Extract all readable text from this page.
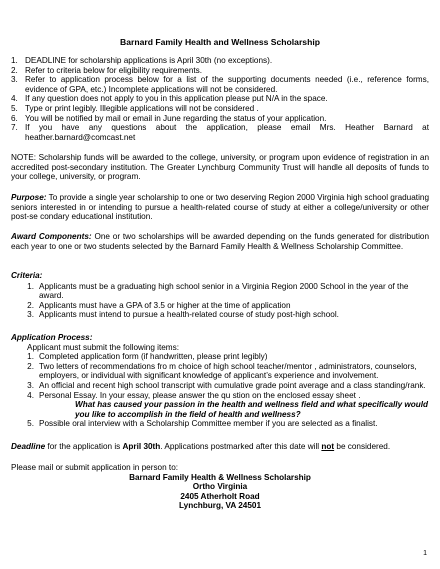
Barnard Family Health and Wellness Scholarship
1. DEADLINE for scholarship applications is April 30th (no exceptions).
2. Refer to criteria below for eligibility requirements.
3. Refer to application process below for a list of the supporting documents needed (i.e., reference forms, evidence of GPA, etc.) Incomplete applications will not be considered.
4. If any question does not apply to you in this application please put N/A in the space.
5. Type or print legibly. Illegible applications will not be considered .
6. You will be notified by mail or email in June regarding the status of your application.
7. If you have any questions about the application, please email Mrs. Heather Barnard at heather.barnard@comcast.net
NOTE: Scholarship funds will be awarded to the college, university, or program upon evidence of registration in an accredited post-secondary institution. The Greater Lynchburg Community Trust will handle all deposits of funds to your college, university, or program.
Purpose: To provide a single year scholarship to one or two deserving Region 2000 Virginia high school graduating seniors interested in or intending to pursue a health-related course of study at either a college/university or other post-se condary educational institution.
Award Components: One or two scholarships will be awarded depending on the funds generated for distribution each year to one or two students selected by the Barnard Family Health & Wellness Scholarship Committee.
Criteria:
1. Applicants must be a graduating high school senior in a Virginia Region 2000 School in the year of the award.
2. Applicants must have a GPA of 3.5 or higher at the time of application
3. Applicants must intend to pursue a health-related course of study post-high school.
Application Process:
Applicant must submit the following items:
1. Completed application form (if handwritten, please print legibly)
2. Two letters of recommendations fro m choice of high school teacher/mentor , administrators, counselors, employers, or individual with significant knowledge of applicant’s experience and involvement.
3. An official and recent high school transcript with cumulative grade point average and a class standing/rank.
4. Personal Essay. In your essay, please answer the qu stion on the enclosed essay sheet .
What has caused your passion in the health and wellness field and what specifically would you like to accomplish in the field of health and wellness?
5. Possible oral interview with a Scholarship Committee member if you are selected as a finalist.
Deadline for the application is April 30th. Applications postmarked after this date will not be considered.
Please mail or submit application in person to:
Barnard Family Health & Wellness Scholarship
Ortho Virginia
2405 Atherholt Road
Lynchburg, VA 24501
1
